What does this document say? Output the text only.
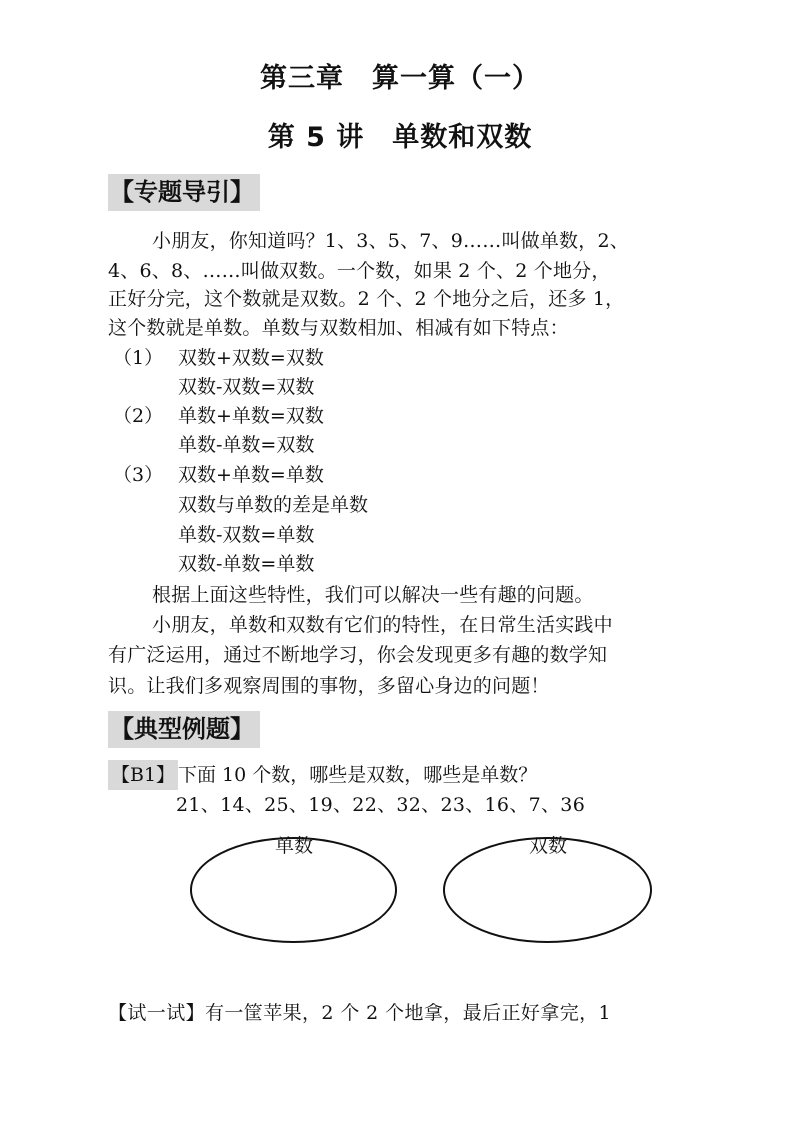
第三章　算一算（一）
第 5 讲　单数和双数
【专题导引】
小朋友，你知道吗？1、3、5、7、9……叫做单数，2、
4、6、8、……叫做双数。一个数，如果 2 个、2 个地分，
正好分完，这个数就是双数。2 个、2 个地分之后，还多 1，
这个数就是单数。单数与双数相加、相减有如下特点：
（1） 双数+双数=双数
双数-双数=双数
（2） 单数+单数=双数
单数-单数=双数
（3） 双数+单数=单数
双数与单数的差是单数
单数-双数=单数
双数-单数=单数
根据上面这些特性，我们可以解决一些有趣的问题。
小朋友，单数和双数有它们的特性，在日常生活实践中
有广泛运用，通过不断地学习，你会发现更多有趣的数学知
识。让我们多观察周围的事物，多留心身边的问题！
【典型例题】
【B1】 下面 10 个数，哪些是双数，哪些是单数？
21、14、25、19、22、32、23、16、7、36
单数	双数
【试一试】有一筐苹果，2 个 2 个地拿，最后正好拿完，1
